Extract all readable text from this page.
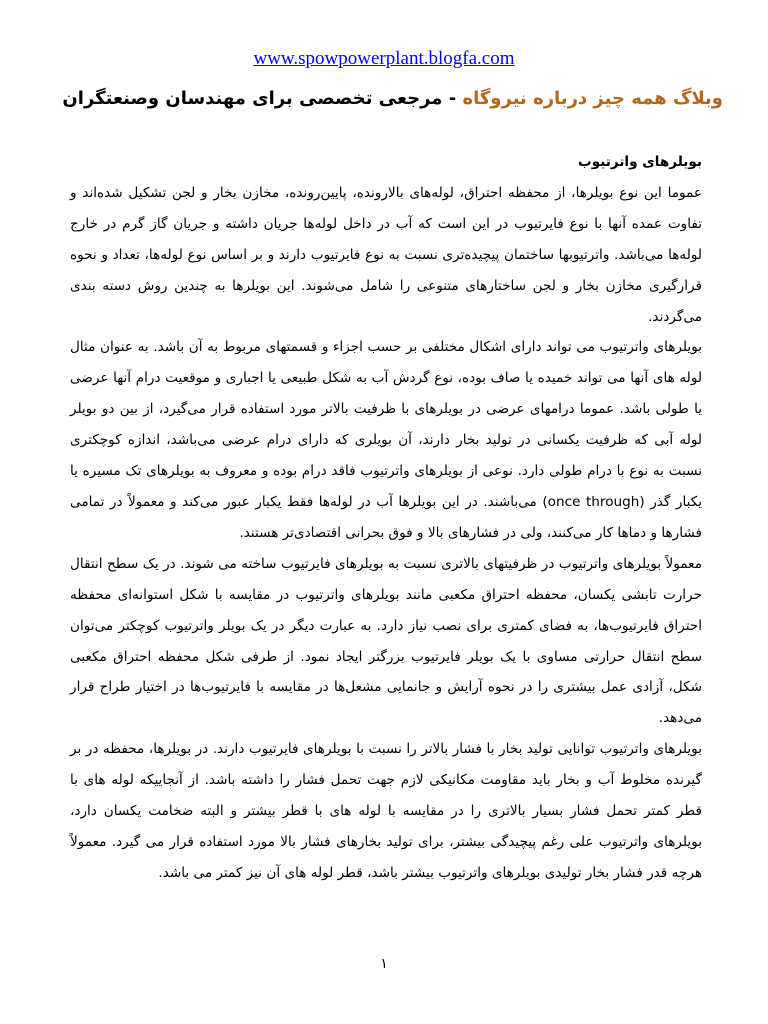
www.spowpowerplant.blogfa.com
وبلاگ همه چیز درباره نیروگاه - مرجعی تخصصی برای مهندسان وصنعتگران

بویلرهای واترتیوب

عموما این نوع بویلرها، از محفظه احتراق، لوله‌های بالارونده، پایین‌رونده، مخازن بخار و لجن تشکیل شده‌اند و تفاوت عمده آنها با نوع فایرتیوب در این است که آب در داخل لوله‌ها جریان داشته و جریان گاز گرم در خارج لوله‌ها می‌باشد. واترتیوبها ساختمان پیچیده‌تری نسبت به نوع فایرتیوب دارند و بر اساس نوع لوله‌ها، تعداد و نحوه قرارگیری مخازن بخار و لجن ساختارهای متنوعی را شامل می‌شوند. این بویلرها به چندین روش دسته بندی می‌گردند.

بویلرهای واترتیوب می تواند دارای اشکال مختلفی بر حسب اجزاء و قسمتهای مربوط به آن باشد. به عنوان مثال لوله های آنها می تواند خمیده یا صاف بوده، نوع گردش آب به شکل طبیعی یا اجباری و موقعیت درام آنها عرضی یا طولی باشد. عموما درامهای عرضی در بویلرهای با ظرفیت بالاتر مورد استفاده قرار می‌گیرد، از بین دو بویلر لوله آبی که ظرفیت یکسانی در تولید بخار دارند، آن بویلری که دارای درام عرضی می‌باشد، اندازه کوچکتری نسبت به نوع با درام طولی دارد. نوعی از بویلرهای واترتیوب فاقد درام بوده و معروف به بویلرهای تک مسیره یا یکبار گذر (once through) می‌باشند. در این بویلرها آب در لوله‌ها فقط یکبار عبور می‌کند و معمولاً در تمامی فشارها و دماها کار می‌کنند، ولی در فشارهای بالا و فوق بحرانی اقتصادی‌تر هستند.

معمولاً بویلرهای واترتیوب در ظرفیتهای بالاتری نسبت به بویلرهای فایرتیوب ساخته می شوند. در یک سطح انتقال حرارت تابشی یکسان، محفظه احتراق مکعبی مانند بویلرهای واترتیوب در مقایسه با شکل استوانه‌ای محفظه احتراق فایرتیوب‌ها، به فضای کمتری برای نصب نیاز دارد. به عبارت دیگر در یک بویلر واترتیوب کوچکتر می‌توان سطح انتقال حرارتی مساوی با یک بویلر فایرتیوب بزرگتر ایجاد نمود. از طرفی شکل محفظه احتراق مکعبی شکل، آزادی عمل بیشتری را در نحوه آرایش و جانمایی مشعل‌ها در مقایسه با فایرتیوب‌ها در اختیار طراح قرار می‌دهد.

بویلرهای واترتیوب توانایی تولید بخار با فشار بالاتر را نسبت با بویلرهای فایرتیوب دارند. در بویلرها، محفظه در بر گیرنده مخلوط آب و بخار باید مقاومت مکانیکی لازم جهت تحمل فشار را داشته باشد. از آنجاییکه لوله های با قطر کمتر تحمل فشار بسیار بالاتری را در مقایسه با لوله های با قطر بیشتر و البته ضخامت یکسان دارد، بویلرهای واترتیوب علی رغم پیچیدگی بیشتر، برای تولید بخارهای فشار بالا مورد استفاده قرار می گیرد. معمولاً هرچه قدر فشار بخار تولیدی بویلرهای واترتیوب بیشتر باشد، قطر لوله های آن نیز کمتر می باشد.

۱
